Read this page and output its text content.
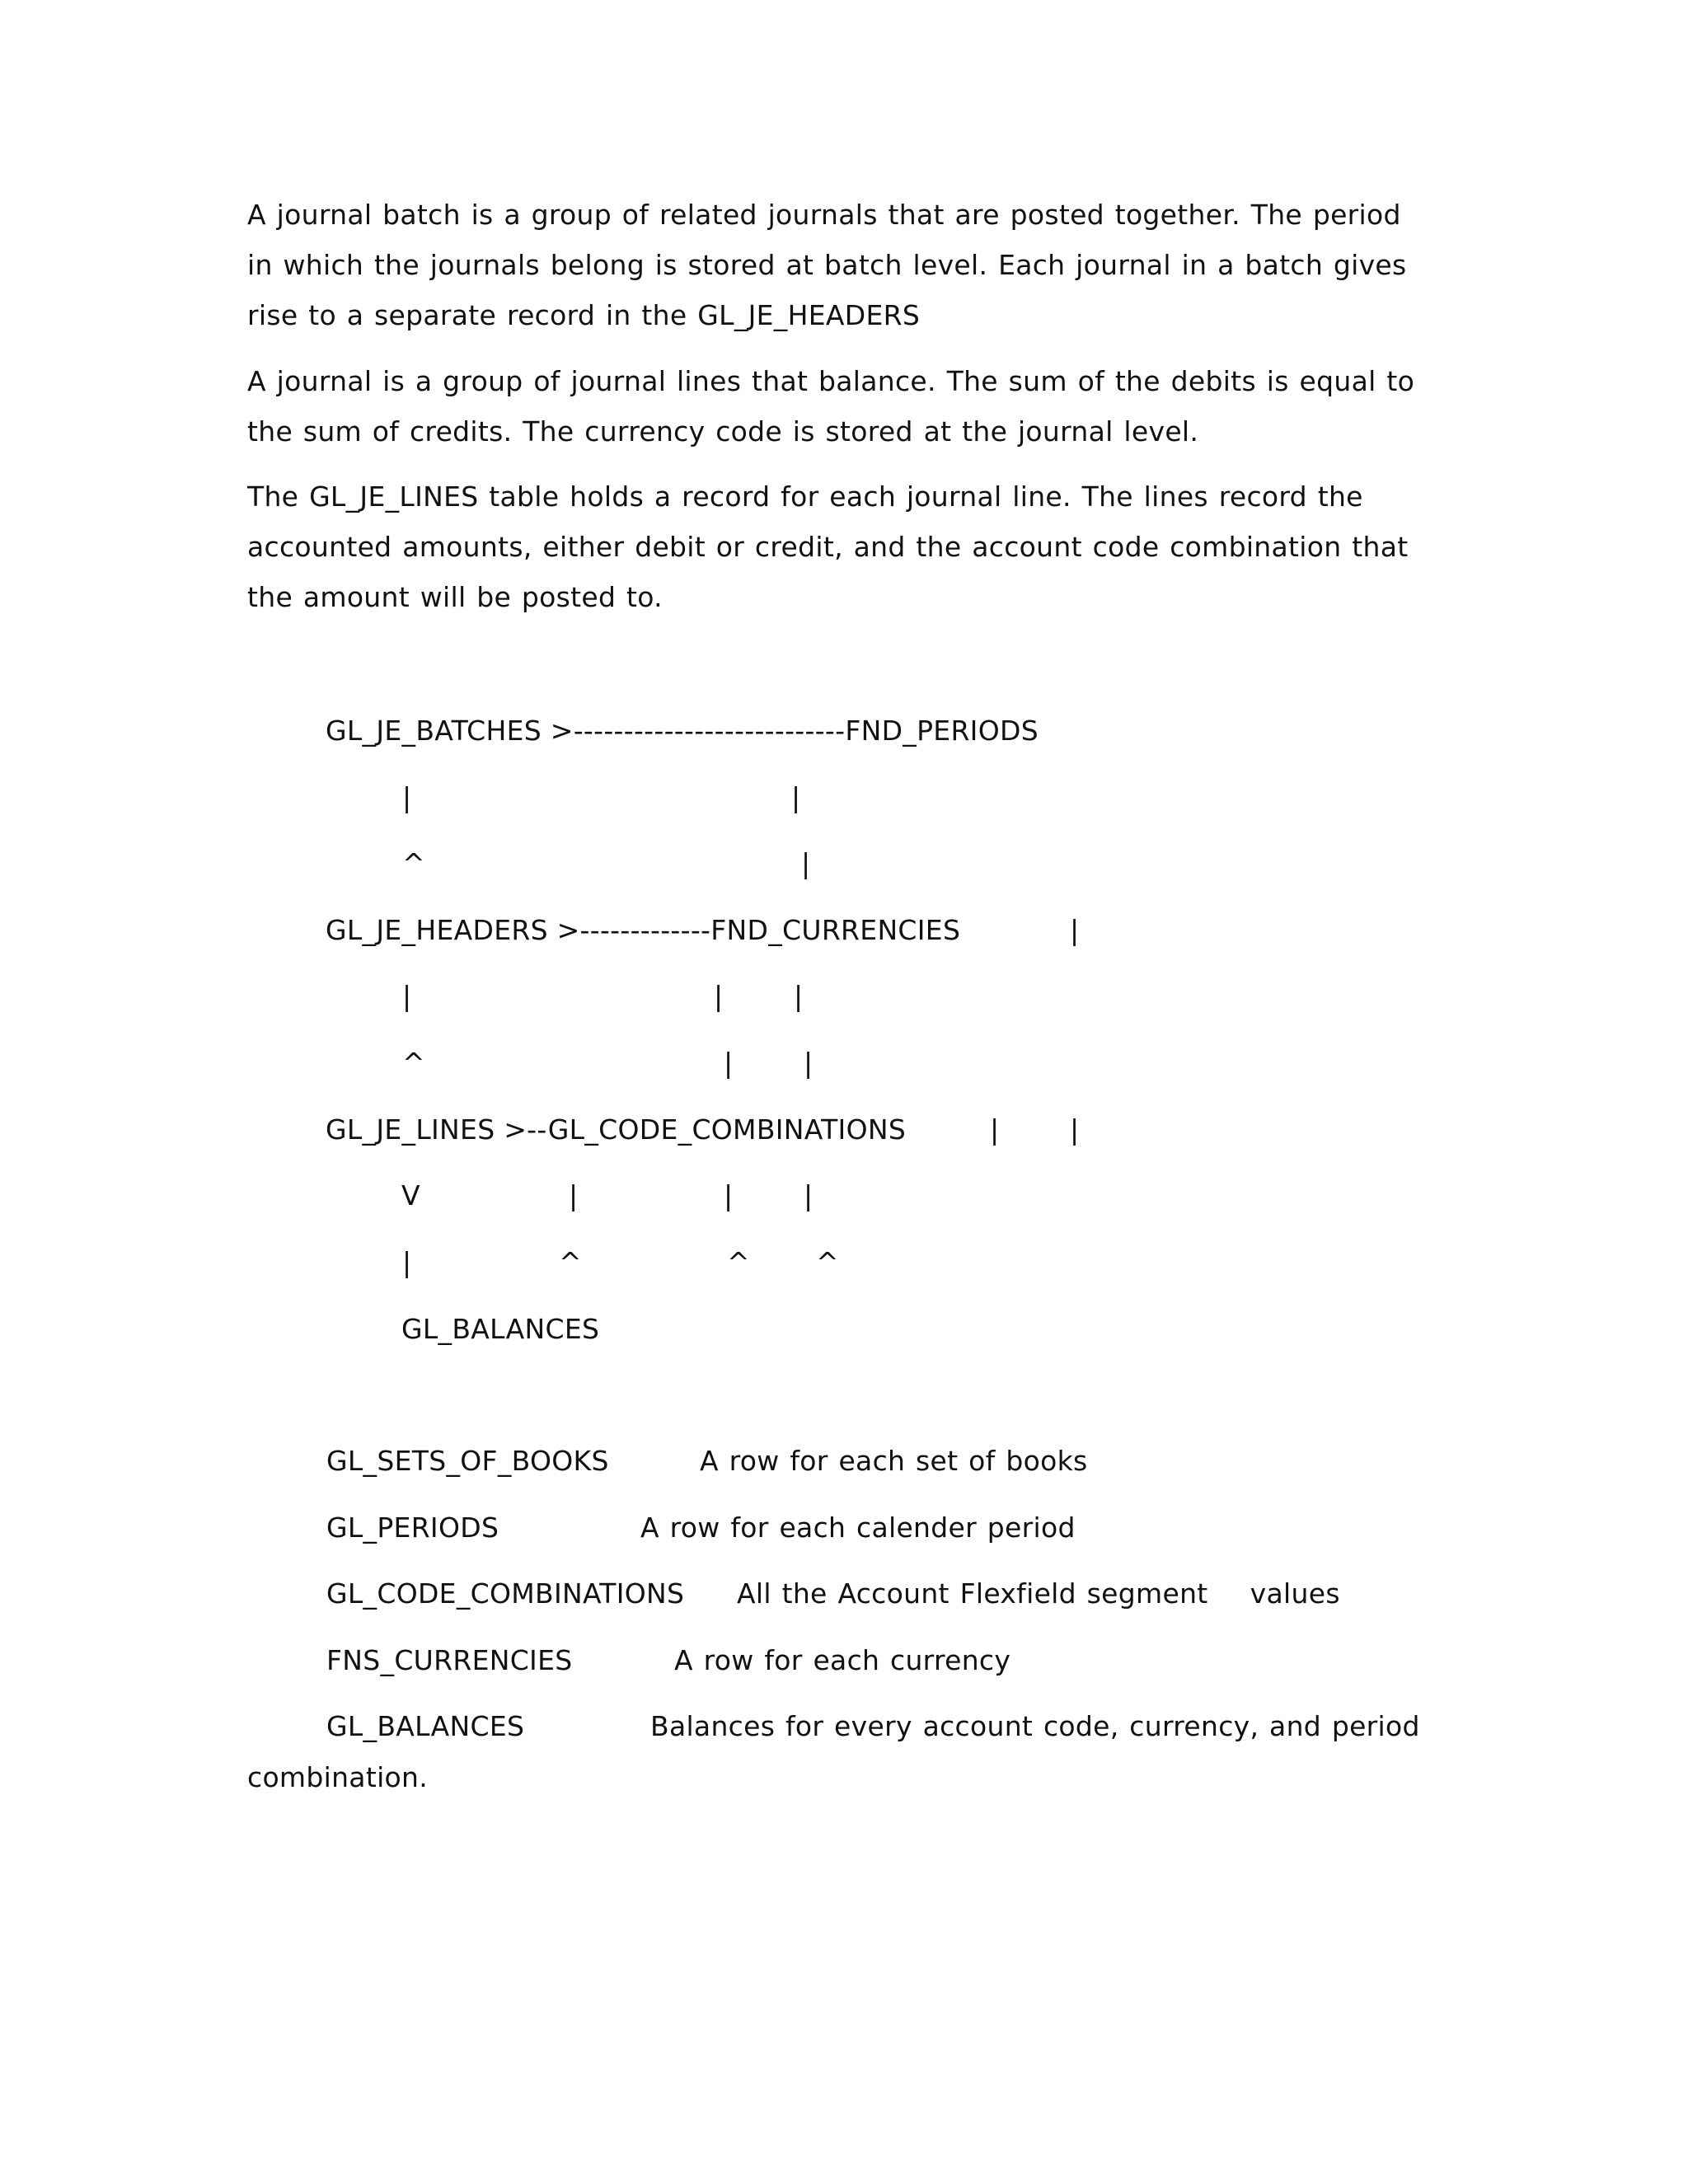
A journal batch is a group of related journals that are posted together. The period in which the journals belong is stored at batch level. Each journal in a batch gives rise to a separate record in the GL_JE_HEADERS

A journal is a group of journal lines that balance. The sum of the debits is equal to the sum of credits. The currency code is stored at the journal level.

The GL_JE_LINES table holds a record for each journal line. The lines record the accounted amounts, either debit or credit, and the account code combination that the amount will be posted to.

GL_JE_BATCHES >---------------------------FND_PERIODS
|	|
^	|
GL_JE_HEADERS >-------------FND_CURRENCIES	|
|	|	|
^	|	|
GL_JE_LINES >--GL_CODE_COMBINATIONS	|	|
V	|	|	|
|	^	^ ^
GL_BALANCES
GL_SETS_OF_BOOKS	A row for each set of books
GL_PERIODS	A row for each calender period
GL_CODE_COMBINATIONS All the Account Flexfield segment    values
FNS_CURRENCIES	A row for each currency
GL_BALANCES	Balances for every account code, currency, and period
combination.
